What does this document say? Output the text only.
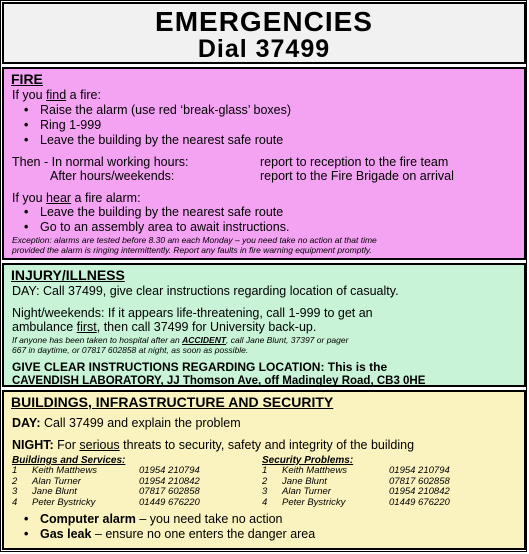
EMERGENCIES
Dial 37499
FIRE
If you find a fire:
• Raise the alarm (use red ‘break-glass’ boxes)
• Ring 1-999
• Leave the building by the nearest safe route
Then - In normal working hours:	report to reception to the fire team
After hours/weekends:	report to the Fire Brigade on arrival
If you hear a fire alarm:
• Leave the building by the nearest safe route
• Go to an assembly area to await instructions.
Exception: alarms are tested before 8.30 am each Monday – you need take no action at that time
provided the alarm is ringing intermittently. Report any faults in fire warning equipment promptly.
INJURY/ILLNESS
DAY: Call 37499, give clear instructions regarding location of casualty.
Night/weekends: If it appears life-threatening, call 1-999 to get an
ambulance first, then call 37499 for University back-up.
If anyone has been taken to hospital after an ACCIDENT, call Jane Blunt, 37397 or pager
667 in daytime, or 07817 602858 at night, as soon as possible.
GIVE CLEAR INSTRUCTIONS REGARDING LOCATION: This is the
CAVENDISH LABORATORY, JJ Thomson Ave, off Madingley Road, CB3 0HE
BUILDINGS, INFRASTRUCTURE AND SECURITY
DAY: Call 37499 and explain the problem
NIGHT: For serious threats to security, safety and integrity of the building
Buildings and Services:
1	Keith Matthews	01954 210794
2	Alan Turner	01954 210842
3	Jane Blunt	07817 602858
4	Peter Bystricky	01449 676220
Security Problems:
1	Keith Matthews	01954 210794
2	Jane Blunt	07817 602858
3	Alan Turner	01954 210842
4	Peter Bystricky	01449 676220
• Computer alarm – you need take no action
• Gas leak – ensure no one enters the danger area
